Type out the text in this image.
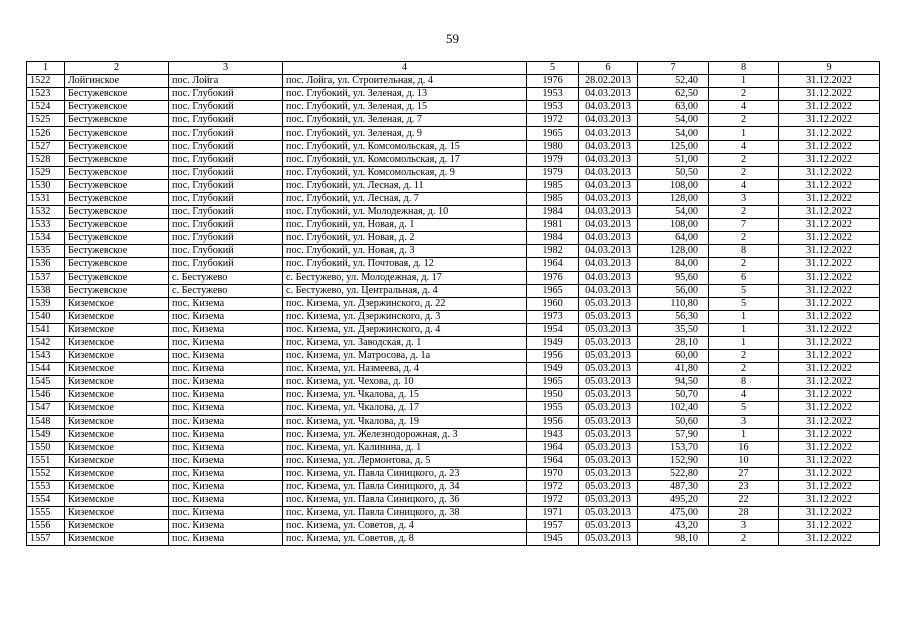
59
1	2	3	4	5	6	7	8	9
1522	Лойгинское	пос. Лойга	пос. Лойга, ул. Строительная, д. 4	1976	28.02.2013	52,40	1	31.12.2022
1523	Бестужевское	пос. Глубокий	пос. Глубокий, ул. Зеленая, д. 13	1953	04.03.2013	62,50	2	31.12.2022
1524	Бестужевское	пос. Глубокий	пос. Глубокий, ул. Зеленая, д. 15	1953	04.03.2013	63,00	4	31.12.2022
1525	Бестужевское	пос. Глубокий	пос. Глубокий, ул. Зеленая, д. 7	1972	04.03.2013	54,00	2	31.12.2022
1526	Бестужевское	пос. Глубокий	пос. Глубокий, ул. Зеленая, д. 9	1965	04.03.2013	54,00	1	31.12.2022
1527	Бестужевское	пос. Глубокий	пос. Глубокий, ул. Комсомольская, д. 15	1980	04.03.2013	125,00	4	31.12.2022
1528	Бестужевское	пос. Глубокий	пос. Глубокий, ул. Комсомольская, д. 17	1979	04.03.2013	51,00	2	31.12.2022
1529	Бестужевское	пос. Глубокий	пос. Глубокий, ул. Комсомольская, д. 9	1979	04.03.2013	50,50	2	31.12.2022
1530	Бестужевское	пос. Глубокий	пос. Глубокий, ул. Лесная, д. 11	1985	04.03.2013	108,00	4	31.12.2022
1531	Бестужевское	пос. Глубокий	пос. Глубокий, ул. Лесная, д. 7	1985	04.03.2013	128,00	3	31.12.2022
1532	Бестужевское	пос. Глубокий	пос. Глубокий, ул. Молодежная, д. 10	1984	04.03.2013	54,00	2	31.12.2022
1533	Бестужевское	пос. Глубокий	пос. Глубокий, ул. Новая, д. 1	1981	04.03.2013	108,00	7	31.12.2022
1534	Бестужевское	пос. Глубокий	пос. Глубокий, ул. Новая, д. 2	1984	04.03.2013	64,00	2	31.12.2022
1535	Бестужевское	пос. Глубокий	пос. Глубокий, ул. Новая, д. 3	1982	04.03.2013	128,00	8	31.12.2022
1536	Бестужевское	пос. Глубокий	пос. Глубокий, ул. Почтовая, д. 12	1964	04.03.2013	84,00	2	31.12.2022
1537	Бестужевское	с. Бестужево	с. Бестужево, ул. Молодежная, д. 17	1976	04.03.2013	95,60	6	31.12.2022
1538	Бестужевское	с. Бестужево	с. Бестужево, ул. Центральная, д. 4	1965	04.03.2013	56,00	5	31.12.2022
1539	Киземское	пос. Кизема	пос. Кизема, ул. Дзержинского, д. 22	1960	05.03.2013	110,80	5	31.12.2022
1540	Киземское	пос. Кизема	пос. Кизема, ул. Дзержинского, д. 3	1973	05.03.2013	56,30	1	31.12.2022
1541	Киземское	пос. Кизема	пос. Кизема, ул. Дзержинского, д. 4	1954	05.03.2013	35,50	1	31.12.2022
1542	Киземское	пос. Кизема	пос. Кизема, ул. Заводская, д. 1	1949	05.03.2013	28,10	1	31.12.2022
1543	Киземское	пос. Кизема	пос. Кизема, ул. Матросова, д. 1а	1956	05.03.2013	60,00	2	31.12.2022
1544	Киземское	пос. Кизема	пос. Кизема, ул. Назмеева, д. 4	1949	05.03.2013	41,80	2	31.12.2022
1545	Киземское	пос. Кизема	пос. Кизема, ул. Чехова, д. 10	1965	05.03.2013	94,50	8	31.12.2022
1546	Киземское	пос. Кизема	пос. Кизема, ул. Чкалова, д. 15	1950	05.03.2013	50,70	4	31.12.2022
1547	Киземское	пос. Кизема	пос. Кизема, ул. Чкалова, д. 17	1955	05.03.2013	102,40	5	31.12.2022
1548	Киземское	пос. Кизема	пос. Кизема, ул. Чкалова, д. 19	1956	05.03.2013	50,60	3	31.12.2022
1549	Киземское	пос. Кизема	пос. Кизема, ул. Железнодорожная, д. 3	1943	05.03.2013	57,90	1	31.12.2022
1550	Киземское	пос. Кизема	пос. Кизема, ул. Калинина, д. 1	1964	05.03.2013	153,70	16	31.12.2022
1551	Киземское	пос. Кизема	пос. Кизема, ул. Лермонтова, д. 5	1964	05.03.2013	152,90	10	31.12.2022
1552	Киземское	пос. Кизема	пос. Кизема, ул. Павла Синицкого, д. 23	1970	05.03.2013	522,80	27	31.12.2022
1553	Киземское	пос. Кизема	пос. Кизема, ул. Павла Синицкого, д. 34	1972	05.03.2013	487,30	23	31.12.2022
1554	Киземское	пос. Кизема	пос. Кизема, ул. Павла Синицкого, д. 36	1972	05.03.2013	495,20	22	31.12.2022
1555	Киземское	пос. Кизема	пос. Кизема, ул. Павла Синицкого, д. 38	1971	05.03.2013	475,00	28	31.12.2022
1556	Киземское	пос. Кизема	пос. Кизема, ул. Советов, д. 4	1957	05.03.2013	43,20	3	31.12.2022
1557	Киземское	пос. Кизема	пос. Кизема, ул. Советов, д. 8	1945	05.03.2013	98,10	2	31.12.2022
